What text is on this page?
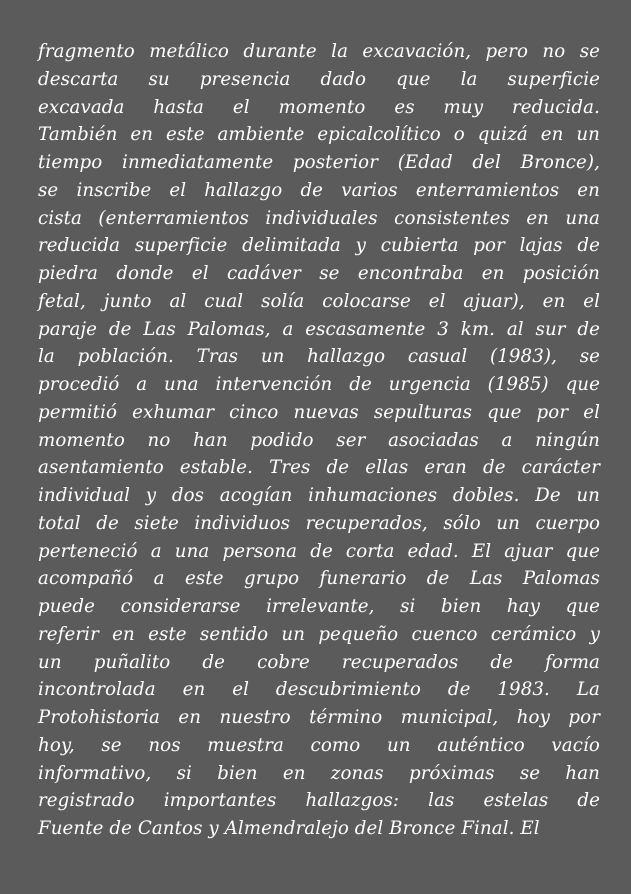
fragmento metálico durante la excavación, pero no se
descarta su presencia dado que la superficie
excavada hasta el momento es muy reducida.
También en este ambiente epicalcolítico o quizá en un
tiempo inmediatamente posterior (Edad del Bronce),
se inscribe el hallazgo de varios enterramientos en
cista (enterramientos individuales consistentes en una
reducida superficie delimitada y cubierta por lajas de
piedra donde el cadáver se encontraba en posición
fetal, junto al cual solía colocarse el ajuar), en el
paraje de Las Palomas, a escasamente 3 km. al sur de
la población. Tras un hallazgo casual (1983), se
procedió a una intervención de urgencia (1985) que
permitió exhumar cinco nuevas sepulturas que por el
momento no han podido ser asociadas a ningún
asentamiento estable. Tres de ellas eran de carácter
individual y dos acogían inhumaciones dobles. De un
total de siete individuos recuperados, sólo un cuerpo
perteneció a una persona de corta edad. El ajuar que
acompañó a este grupo funerario de Las Palomas
puede considerarse irrelevante, si bien hay que
referir en este sentido un pequeño cuenco cerámico y
un puñalito de cobre recuperados de forma
incontrolada en el descubrimiento de 1983. La
Protohistoria en nuestro término municipal, hoy por
hoy, se nos muestra como un auténtico vacío
informativo, si bien en zonas próximas se han
registrado importantes hallazgos: las estelas de
Fuente de Cantos y Almendralejo del Bronce Final. El
